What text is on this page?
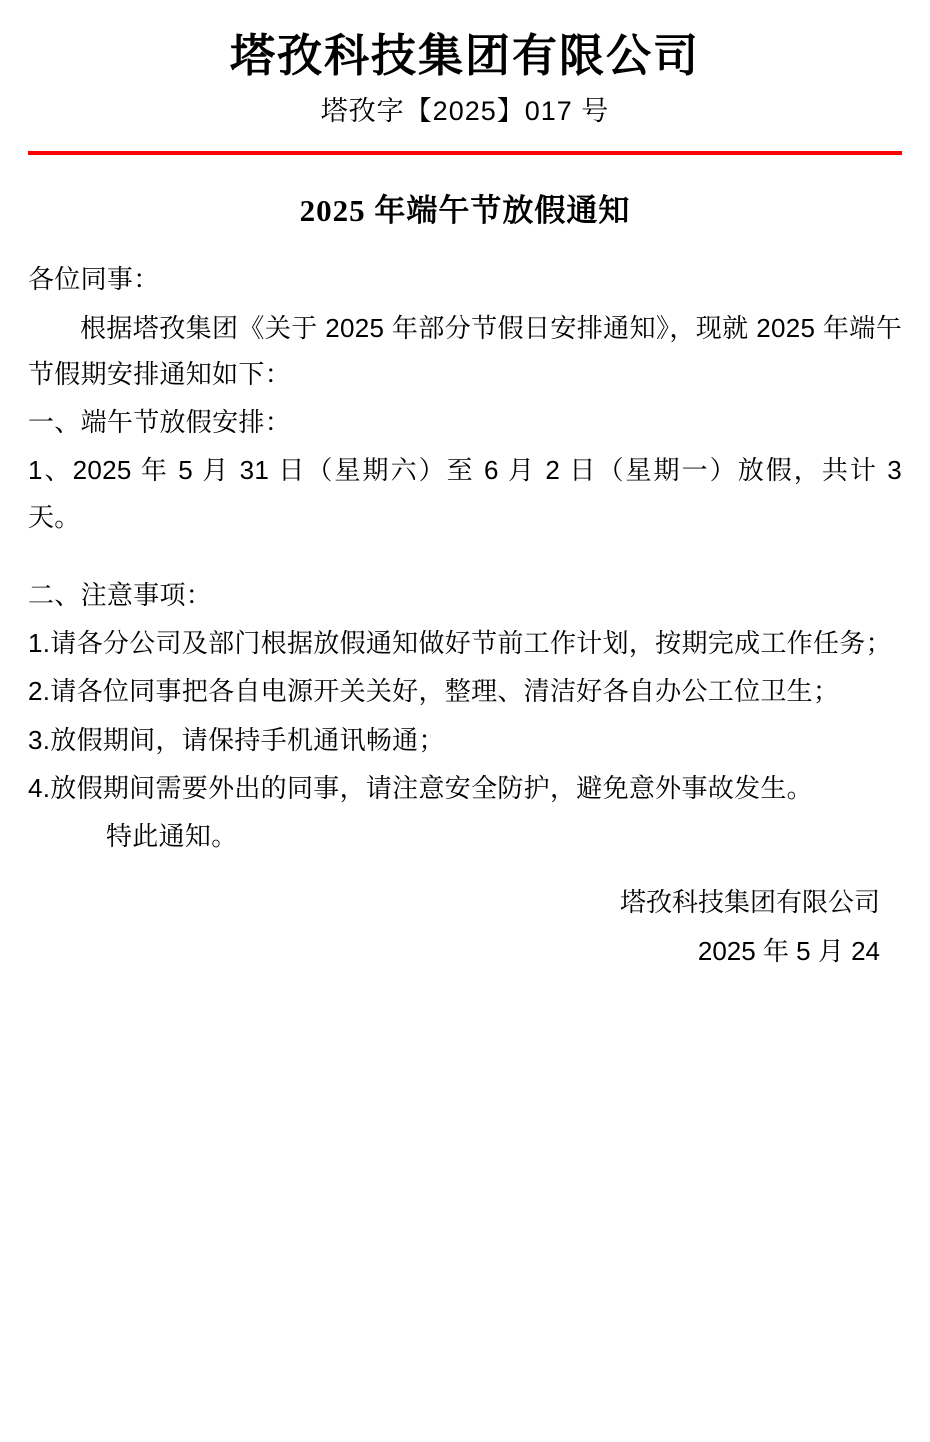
塔孜科技集团有限公司
塔孜字【2025】017 号
2025 年端午节放假通知

各位同事：

根据塔孜集团《关于 2025 年部分节假日安排通知》，现就 2025 年端午节假期安排通知如下：

一、端午节放假安排：

1、2025 年 5 月 31 日（星期六）至 6 月 2 日（星期一）放假，共计 3 天。

二、注意事项：

1.请各分公司及部门根据放假通知做好节前工作计划，按期完成工作任务；

2.请各位同事把各自电源开关关好，整理、清洁好各自办公工位卫生；

3.放假期间，请保持手机通讯畅通；

4.放假期间需要外出的同事，请注意安全防护，避免意外事故发生。

特此通知。

塔孜科技集团有限公司

2025 年 5 月 24
